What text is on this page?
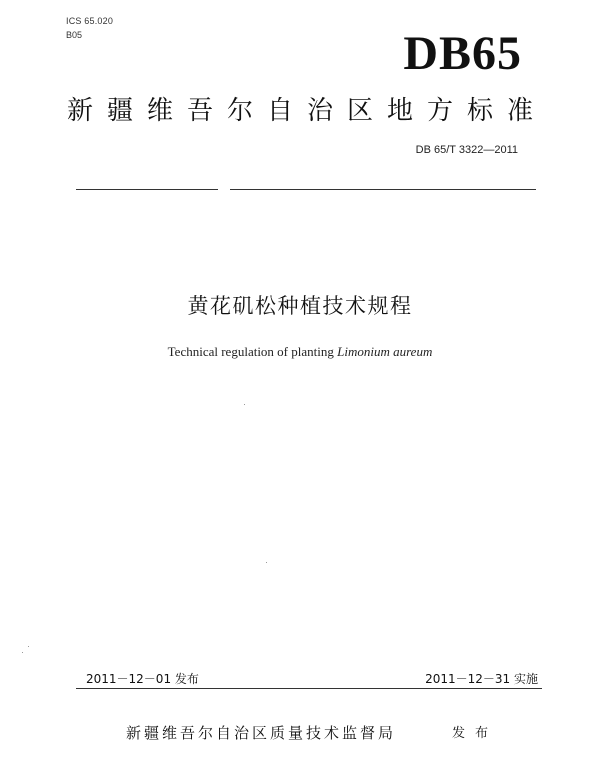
ICS 65.020
B05	DB65
新疆维吾尔自治区地方标准
DB 65/T 3322—2011
黄花矶松种植技术规程
Technical regulation of planting Limonium aureum
2011－12－01 发布	2011－12－31 实施
新疆维吾尔自治区质量技术监督局	发布
